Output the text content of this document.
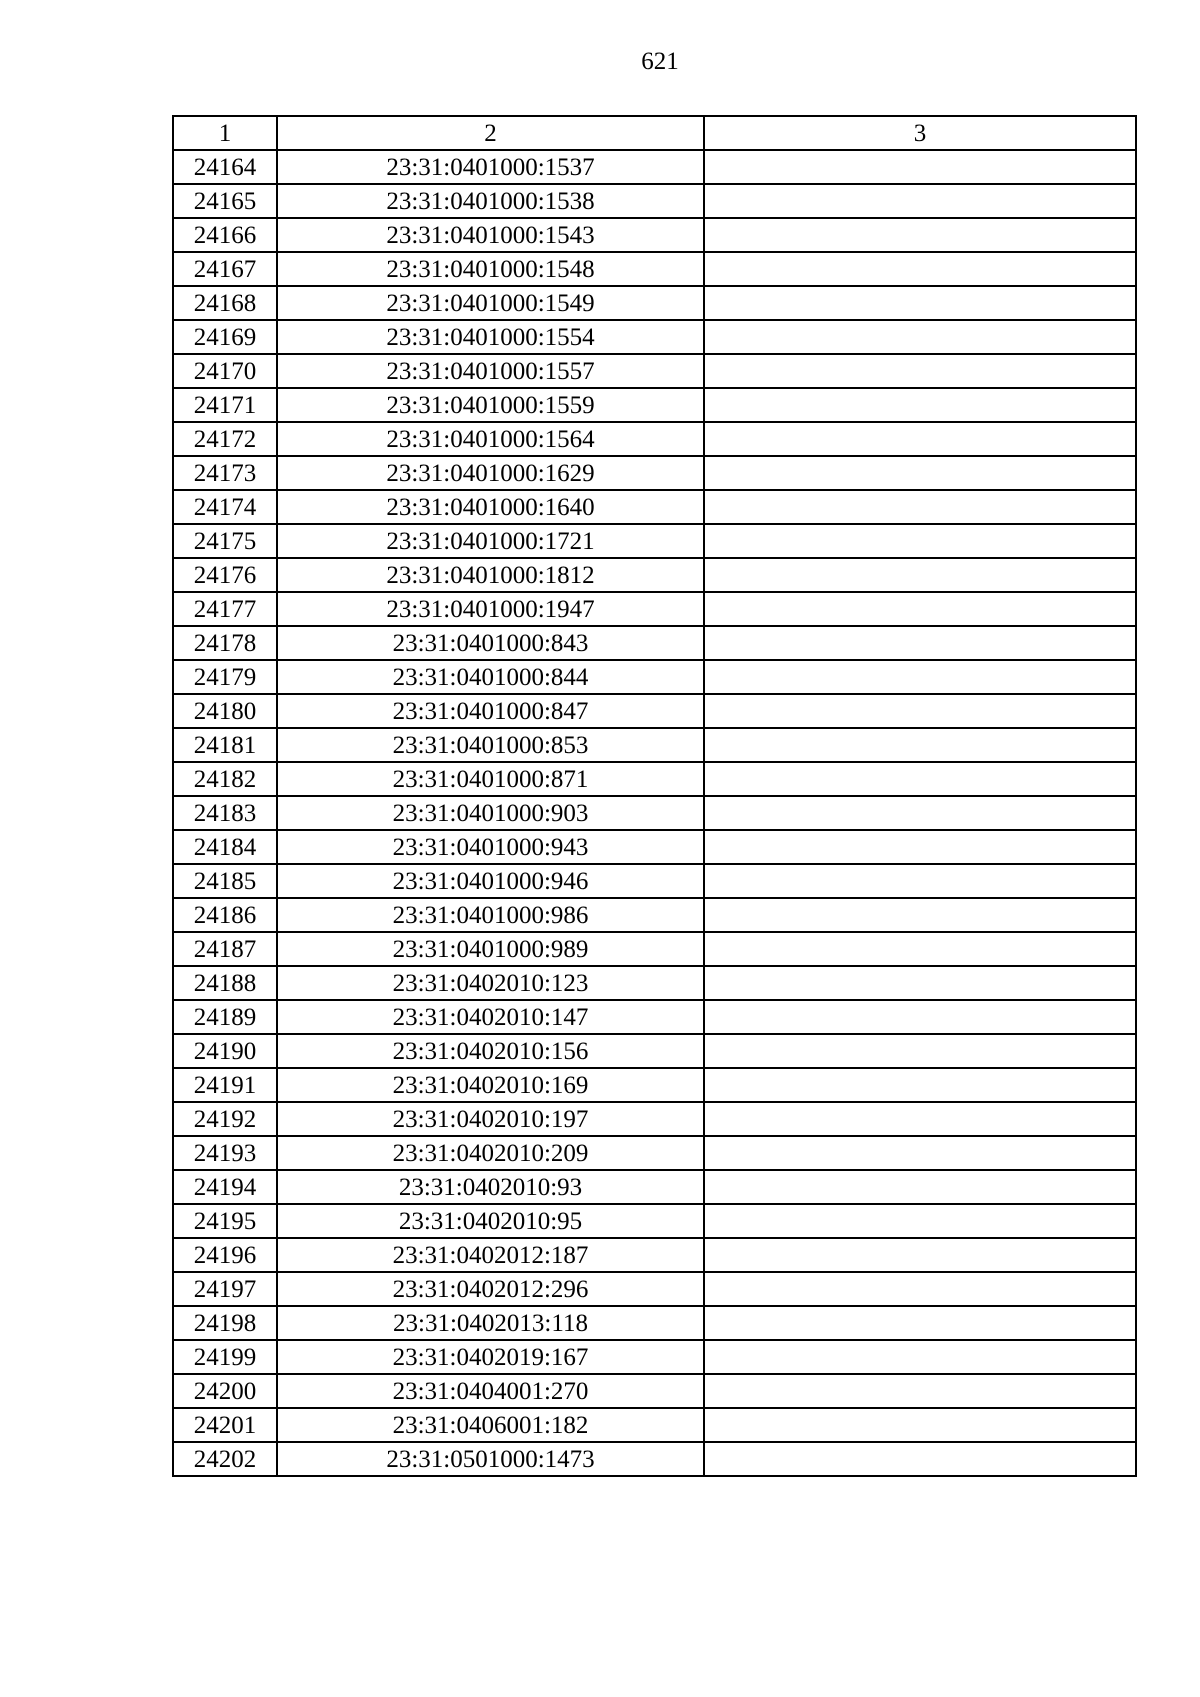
621
1	2	3
24164	23:31:0401000:1537	
24165	23:31:0401000:1538	
24166	23:31:0401000:1543	
24167	23:31:0401000:1548	
24168	23:31:0401000:1549	
24169	23:31:0401000:1554	
24170	23:31:0401000:1557	
24171	23:31:0401000:1559	
24172	23:31:0401000:1564	
24173	23:31:0401000:1629	
24174	23:31:0401000:1640	
24175	23:31:0401000:1721	
24176	23:31:0401000:1812	
24177	23:31:0401000:1947	
24178	23:31:0401000:843	
24179	23:31:0401000:844	
24180	23:31:0401000:847	
24181	23:31:0401000:853	
24182	23:31:0401000:871	
24183	23:31:0401000:903	
24184	23:31:0401000:943	
24185	23:31:0401000:946	
24186	23:31:0401000:986	
24187	23:31:0401000:989	
24188	23:31:0402010:123	
24189	23:31:0402010:147	
24190	23:31:0402010:156	
24191	23:31:0402010:169	
24192	23:31:0402010:197	
24193	23:31:0402010:209	
24194	23:31:0402010:93	
24195	23:31:0402010:95	
24196	23:31:0402012:187	
24197	23:31:0402012:296	
24198	23:31:0402013:118	
24199	23:31:0402019:167	
24200	23:31:0404001:270	
24201	23:31:0406001:182	
24202	23:31:0501000:1473	
